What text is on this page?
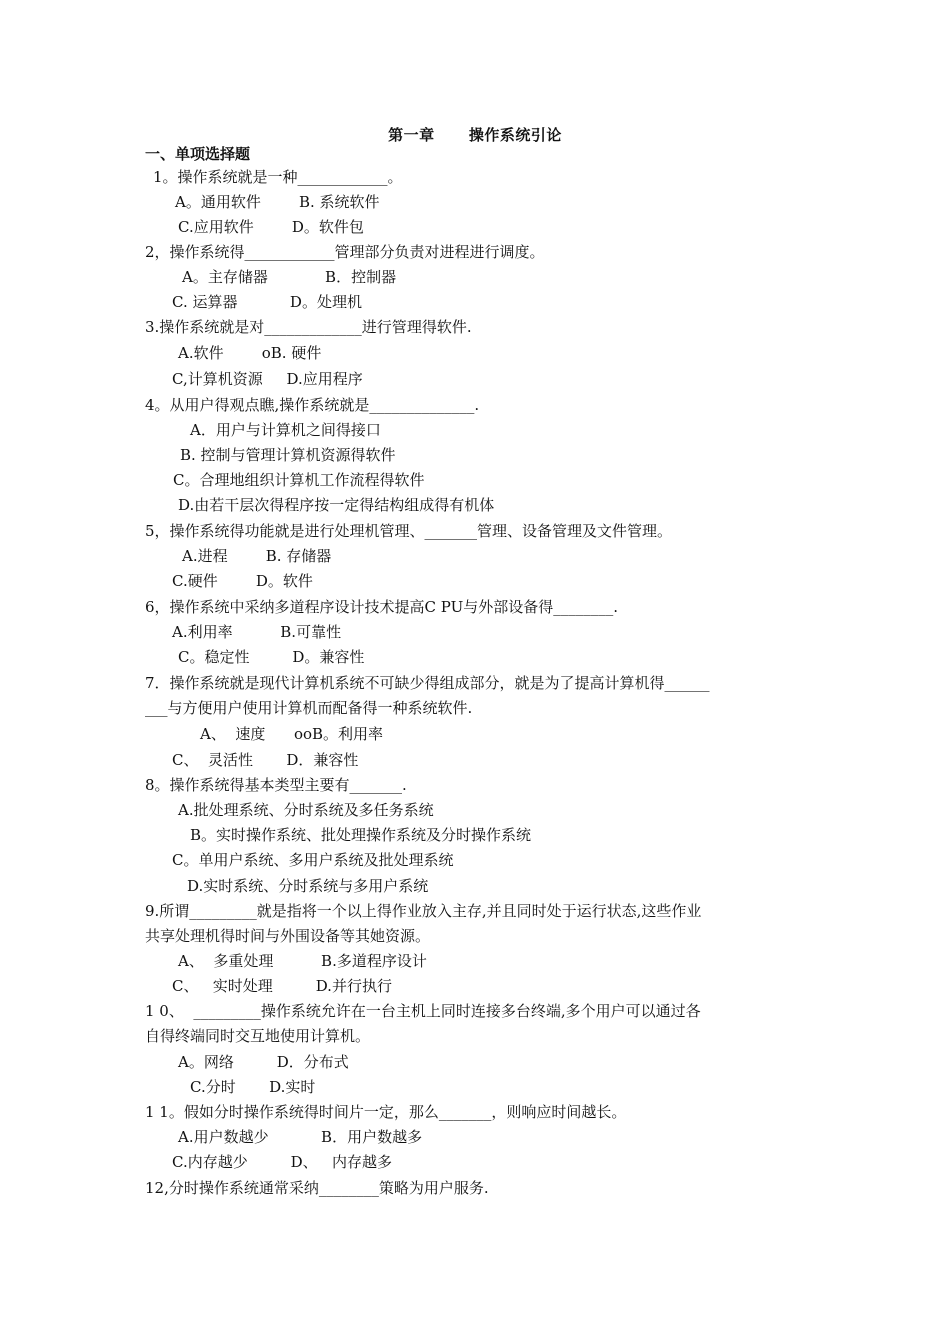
第一章      操作系统引论
一、单项选择题
1。操作系统就是一种____________。
A。通用软件        B. 系统软件
C.应用软件        D。软件包
2，操作系统得____________管理部分负责对进程进行调度。
A。主存储器            B．控制器
C. 运算器           D。处理机
3.操作系统就是对_____________进行管理得软件.
A.软件        oB. 硬件
C,计算机资源     D.应用程序
4。从用户得观点瞧,操作系统就是______________.
A．用户与计算机之间得接口
B. 控制与管理计算机资源得软件
C。合理地组织计算机工作流程得软件
D.由若干层次得程序按一定得结构组成得有机体
5，操作系统得功能就是进行处理机管理、_______管理、设备管理及文件管理。
A.进程        B. 存储器
C.硬件        D。软件
6，操作系统中采纳多道程序设计技术提高C PU与外部设备得________.
A.利用率          B.可靠性
C。稳定性         D。兼容性
7．操作系统就是现代计算机系统不可缺少得组成部分，就是为了提高计算机得______
___与方便用户使用计算机而配备得一种系统软件.
A、  速度      ooB。利用率
C、  灵活性       D．兼容性
8。操作系统得基本类型主要有_______.
A.批处理系统、分时系统及多任务系统
B。实时操作系统、批处理操作系统及分时操作系统
C。单用户系统、多用户系统及批处理系统
D.实时系统、分时系统与多用户系统
9.所谓_________就是指将一个以上得作业放入主存,并且同时处于运行状态,这些作业
共享处理机得时间与外围设备等其她资源。
A、  多重处理          B.多道程序设计
C、   实时处理         D.并行执行
1 0、  _________操作系统允许在一台主机上同时连接多台终端,多个用户可以通过各
自得终端同时交互地使用计算机。
A。网络         D．分布式
C.分时       D.实时
1 1。假如分时操作系统得时间片一定，那么_______，则响应时间越长。
A.用户数越少           B．用户数越多
C.内存越少         D、   内存越多
12,分时操作系统通常采纳________策略为用户服务.
